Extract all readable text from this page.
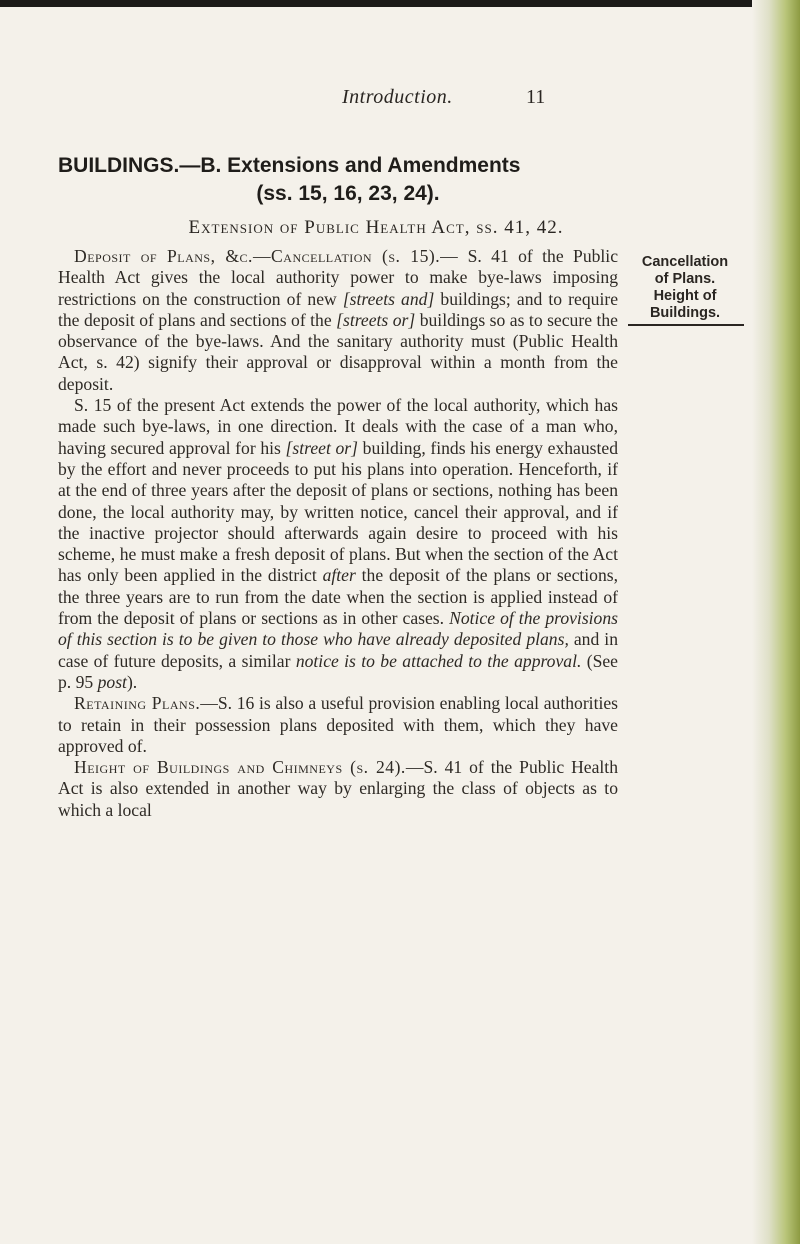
Introduction.	11
BUILDINGS.—B. Extensions and Amendments
(ss. 15, 16, 23, 24).
Extension of Public Health Act, ss. 41, 42.

Deposit of Plans, &c.—Cancellation (s. 15).— S. 41 of the Public Health Act gives the local authority power to make bye-laws imposing restrictions on the construction of new [streets and] buildings; and to require the deposit of plans and sections of the [streets or] buildings so as to secure the observance of the bye-laws. And the sanitary authority must (Public Health Act, s. 42) signify their approval or disapproval within a month from the deposit.

S. 15 of the present Act extends the power of the local authority, which has made such bye-laws, in one direction. It deals with the case of a man who, having secured approval for his [street or] building, finds his energy exhausted by the effort and never proceeds to put his plans into operation. Henceforth, if at the end of three years after the deposit of plans or sections, nothing has been done, the local authority may, by written notice, cancel their approval, and if the inactive projector should afterwards again desire to proceed with his scheme, he must make a fresh deposit of plans. But when the section of the Act has only been applied in the district after the deposit of the plans or sections, the three years are to run from the date when the section is applied instead of from the deposit of plans or sections as in other cases. Notice of the provisions of this section is to be given to those who have already deposited plans, and in case of future deposits, a similar notice is to be attached to the approval. (See p. 95 post).

Retaining Plans.—S. 16 is also a useful provision enabling local authorities to retain in their possession plans deposited with them, which they have approved of.

Height of Buildings and Chimneys (s. 24).—S. 41 of the Public Health Act is also extended in another way by enlarging the class of objects as to which a local

Cancellation
of Plans.
Height of
Buildings.
